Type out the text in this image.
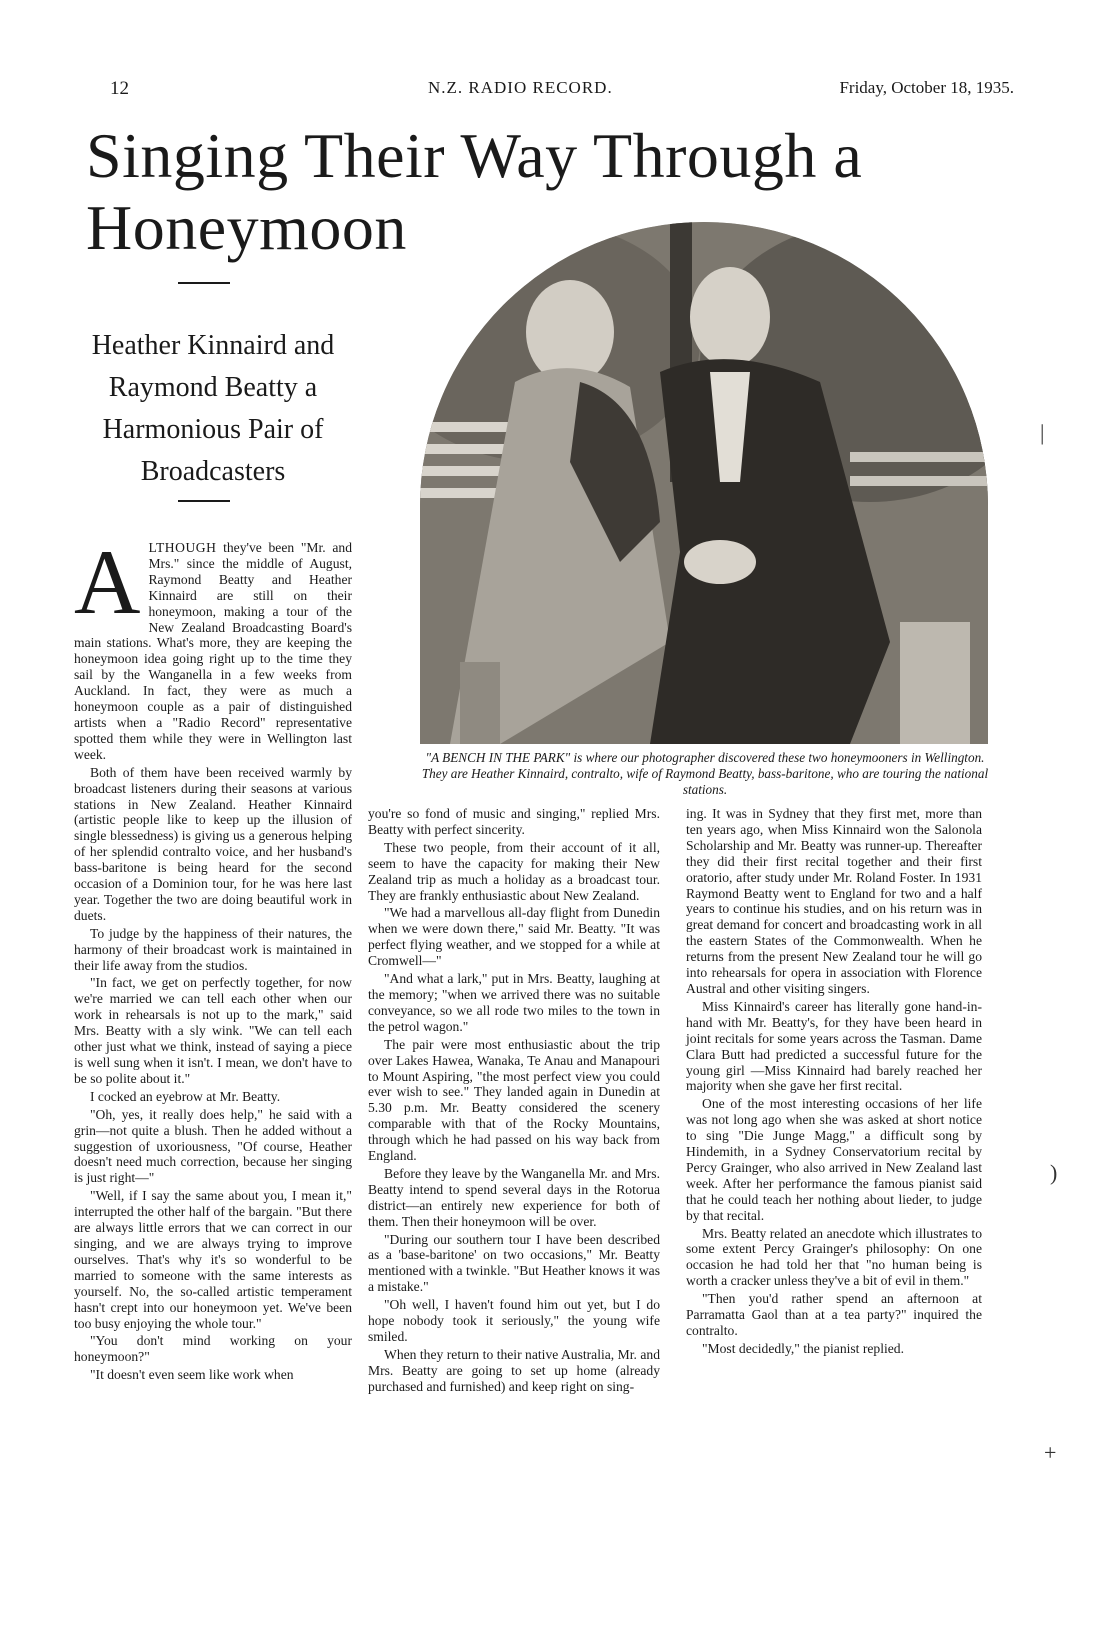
12	N.Z. RADIO RECORD.	Friday, October 18, 1935.
Singing Their Way Through a Honeymoon
Heather Kinnaird and Raymond Beatty a Harmonious Pair of Broadcasters
"A BENCH IN THE PARK" is where our photographer discovered these two honeymooners in Wellington. They are Heather Kinnaird, contralto, wife of Raymond Beatty, bass-baritone, who are touring the national stations.

ALTHOUGH they've been "Mr. and Mrs." since the middle of August, Raymond Beatty and Heather Kinnaird are still on their honeymoon, making a tour of the New Zealand Broadcasting Board's main stations. What's more, they are keeping the honeymoon idea going right up to the time they sail by the Wanganella in a few weeks from Auckland. In fact, they were as much a honeymoon couple as a pair of distinguished artists when a "Radio Record" representative spotted them while they were in Wellington last week.

Both of them have been received warmly by broadcast listeners during their seasons at various stations in New Zealand. Heather Kinnaird (artistic people like to keep up the illusion of single blessedness) is giving us a generous helping of her splendid contralto voice, and her husband's bass-baritone is being heard for the second occasion of a Dominion tour, for he was here last year. Together the two are doing beautiful work in duets.

To judge by the happiness of their natures, the harmony of their broadcast work is maintained in their life away from the studios.

"In fact, we get on perfectly together, for now we're married we can tell each other when our work in rehearsals is not up to the mark," said Mrs. Beatty with a sly wink. "We can tell each other just what we think, instead of saying a piece is well sung when it isn't. I mean, we don't have to be so polite about it."

I cocked an eyebrow at Mr. Beatty.

"Oh, yes, it really does help," he said with a grin—not quite a blush. Then he added without a suggestion of uxoriousness, "Of course, Heather doesn't need much correction, because her singing is just right—"

"Well, if I say the same about you, I mean it," interrupted the other half of the bargain. "But there are always little errors that we can correct in our singing, and we are always trying to improve ourselves. That's why it's so wonderful to be married to someone with the same interests as yourself. No, the so-called artistic temperament hasn't crept into our honeymoon yet. We've been too busy enjoying the whole tour."

"You don't mind working on your honeymoon?"

"It doesn't even seem like work when

you're so fond of music and singing," replied Mrs. Beatty with perfect sincerity.

These two people, from their account of it all, seem to have the capacity for making their New Zealand trip as much a holiday as a broadcast tour. They are frankly enthusiastic about New Zealand.

"We had a marvellous all-day flight from Dunedin when we were down there," said Mr. Beatty. "It was perfect flying weather, and we stopped for a while at Cromwell—"

"And what a lark," put in Mrs. Beatty, laughing at the memory; "when we arrived there was no suitable conveyance, so we all rode two miles to the town in the petrol wagon."

The pair were most enthusiastic about the trip over Lakes Hawea, Wanaka, Te Anau and Manapouri to Mount Aspiring, "the most perfect view you could ever wish to see." They landed again in Dunedin at 5.30 p.m. Mr. Beatty considered the scenery comparable with that of the Rocky Mountains, through which he had passed on his way back from England.

Before they leave by the Wanganella Mr. and Mrs. Beatty intend to spend several days in the Rotorua district—an entirely new experience for both of them. Then their honeymoon will be over.

"During our southern tour I have been described as a 'base-baritone' on two occasions," Mr. Beatty mentioned with a twinkle. "But Heather knows it was a mistake."

"Oh well, I haven't found him out yet, but I do hope nobody took it seriously," the young wife smiled.

When they return to their native Australia, Mr. and Mrs. Beatty are going to set up home (already purchased and furnished) and keep right on sing-

ing. It was in Sydney that they first met, more than ten years ago, when Miss Kinnaird won the Salonola Scholarship and Mr. Beatty was runner-up. Thereafter they did their first recital together and their first oratorio, after study under Mr. Roland Foster. In 1931 Raymond Beatty went to England for two and a half years to continue his studies, and on his return was in great demand for concert and broadcasting work in all the eastern States of the Commonwealth. When he returns from the present New Zealand tour he will go into rehearsals for opera in association with Florence Austral and other visiting singers.

Miss Kinnaird's career has literally gone hand-in-hand with Mr. Beatty's, for they have been heard in joint recitals for some years across the Tasman. Dame Clara Butt had predicted a successful future for the young girl —Miss Kinnaird had barely reached her majority when she gave her first recital.

One of the most interesting occasions of her life was not long ago when she was asked at short notice to sing "Die Junge Magg," a difficult song by Hindemith, in a Sydney Conservatorium recital by Percy Grainger, who also arrived in New Zealand last week. After her performance the famous pianist said that he could teach her nothing about lieder, to judge by that recital.

Mrs. Beatty related an anecdote which illustrates to some extent Percy Grainger's philosophy: On one occasion he had told her that "no human being is worth a cracker unless they've a bit of evil in them."

"Then you'd rather spend an afternoon at Parramatta Gaol than at a tea party?" inquired the contralto.

"Most decidedly," the pianist replied.

|
)
+
